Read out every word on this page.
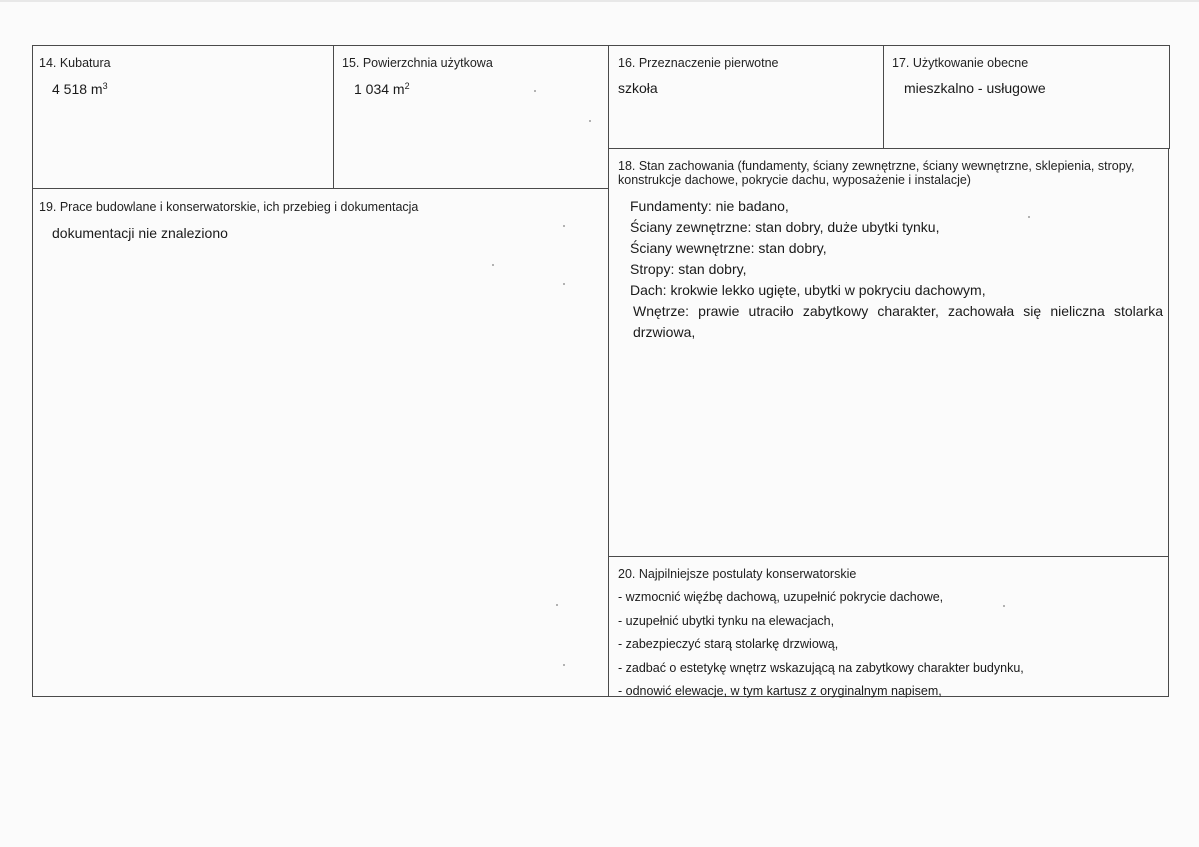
14. Kubatura
4 518 $m^3$
15. Powierzchnia użytkowa
1 034 $m^2$
16. Przeznaczenie pierwotne
szkoła
17. Użytkowanie obecne
mieszkalno - usługowe
19. Prace budowlane i konserwatorskie, ich przebieg i dokumentacja
dokumentacji nie znaleziono
18. Stan zachowania (fundamenty, ściany zewnętrzne, ściany wewnętrzne, sklepienia, stropy,
konstrukcje dachowe, pokrycie dachu, wyposażenie i instalacje)
Fundamenty: nie badano,
Ściany zewnętrzne: stan dobry, duże ubytki tynku,
Ściany wewnętrzne: stan dobry,
Stropy: stan dobry,
Dach: krokwie lekko ugięte, ubytki w pokryciu dachowym,
Wnętrze: prawie utraciło zabytkowy charakter, zachowała się nieliczna stolarka
drzwiowa,
20. Najpilniejsze postulaty konserwatorskie
- wzmocnić więźbę dachową, uzupełnić pokrycie dachowe,
- uzupełnić ubytki tynku na elewacjach,
- zabezpieczyć starą stolarkę drzwiową,
- zadbać o estetykę wnętrz wskazującą na zabytkowy charakter budynku,
- odnowić elewacje, w tym kartusz z oryginalnym napisem,
